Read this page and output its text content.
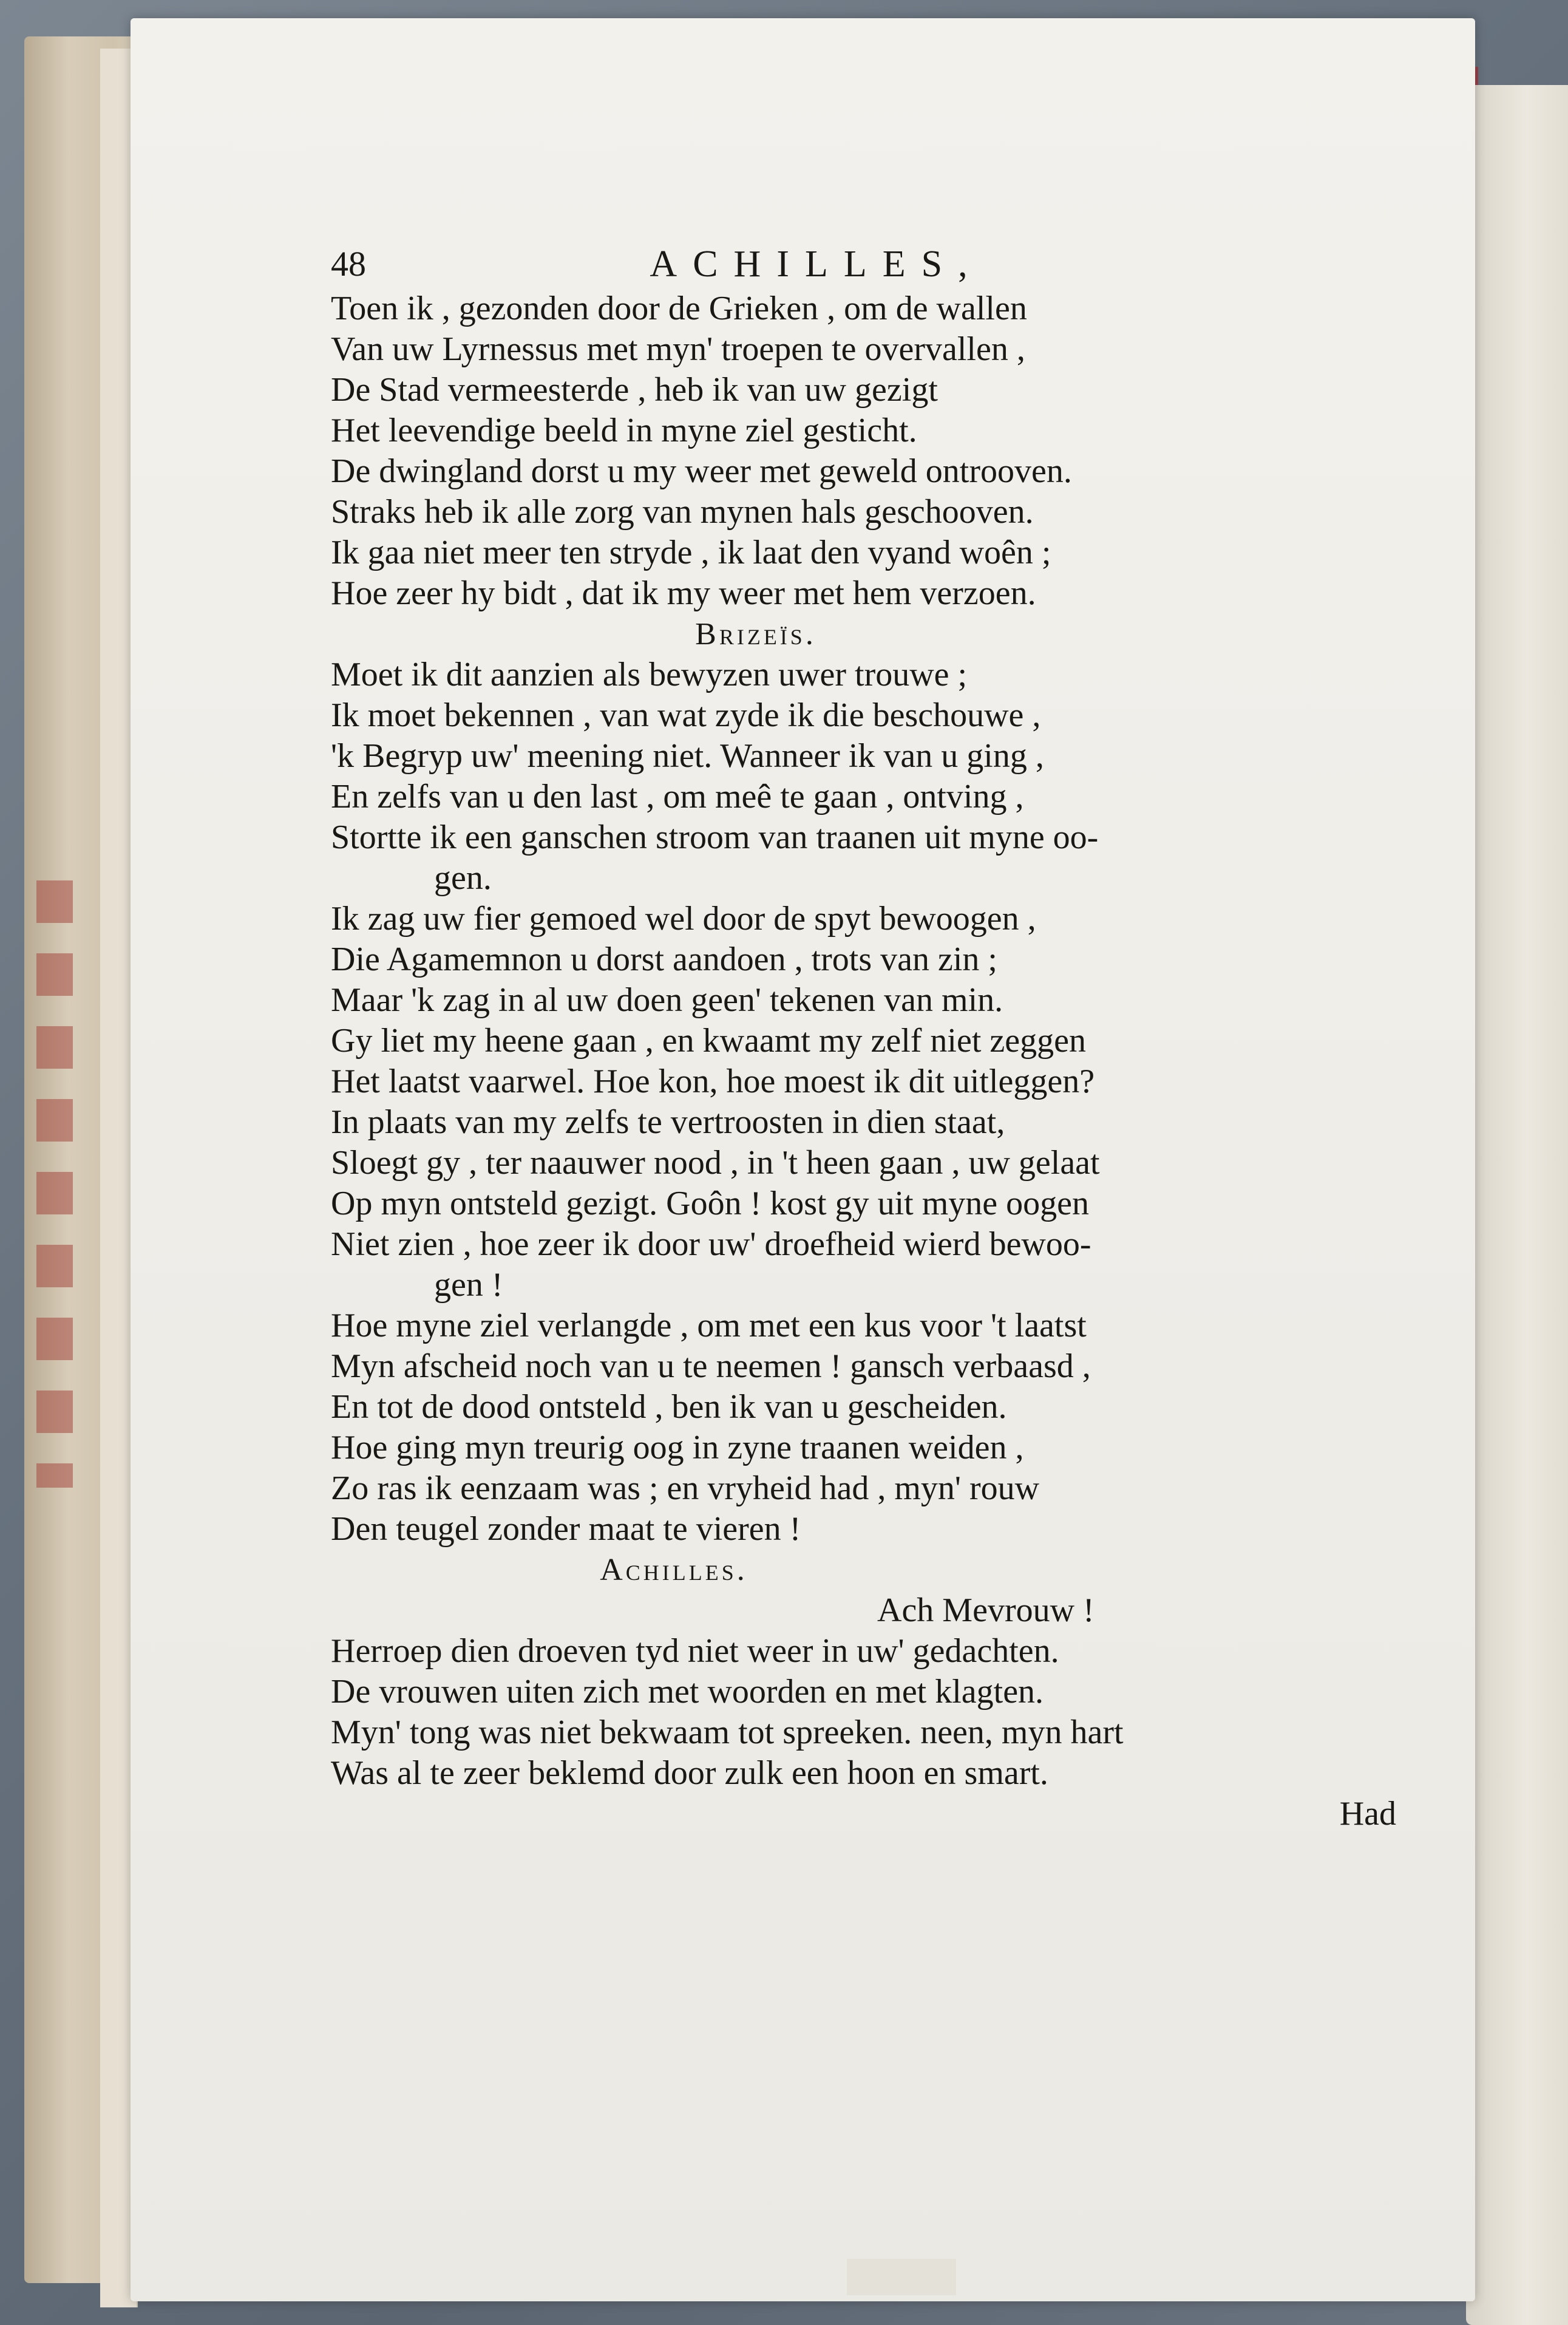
48	ACHILLES,
Toen ik , gezonden door de Grieken , om de wallen
Van uw Lyrnessus met myn' troepen te overvallen ,
De Stad vermeesterde , heb ik van uw gezigt
Het leevendige beeld in myne ziel gesticht.
De dwingland dorst u my weer met geweld ontrooven.
Straks heb ik alle zorg van mynen hals geschooven.
Ik gaa niet meer ten stryde , ik laat den vyand woên ;
Hoe zeer hy bidt , dat ik my weer met hem verzoen.
Brizeïs.
Moet ik dit aanzien als bewyzen uwer trouwe ;
Ik moet bekennen , van wat zyde ik die beschouwe ,
'k Begryp uw' meening niet. Wanneer ik van u ging ,
En zelfs van u den last , om meê te gaan , ontving ,
Stortte ik een ganschen stroom van traanen uit myne oo-
gen.
Ik zag uw fier gemoed wel door de spyt bewoogen ,
Die Agamemnon u dorst aandoen , trots van zin ;
Maar 'k zag in al uw doen geen' tekenen van min.
Gy liet my heene gaan , en kwaamt my zelf niet zeggen
Het laatst vaarwel. Hoe kon, hoe moest ik dit uitleggen?
In plaats van my zelfs te vertroosten in dien staat,
Sloegt gy , ter naauwer nood , in 't heen gaan , uw gelaat
Op myn ontsteld gezigt. Goôn ! kost gy uit myne oogen
Niet zien , hoe zeer ik door uw' droefheid wierd bewoo-
gen !
Hoe myne ziel verlangde , om met een kus voor 't laatst
Myn afscheid noch van u te neemen ! gansch verbaasd ,
En tot de dood ontsteld , ben ik van u gescheiden.
Hoe ging myn treurig oog in zyne traanen weiden ,
Zo ras ik eenzaam was ; en vryheid had , myn' rouw
Den teugel zonder maat te vieren !
Achilles.
Ach Mevrouw !
Herroep dien droeven tyd niet weer in uw' gedachten.
De vrouwen uiten zich met woorden en met klagten.
Myn' tong was niet bekwaam tot spreeken. neen, myn hart
Was al te zeer beklemd door zulk een hoon en smart.
Had
